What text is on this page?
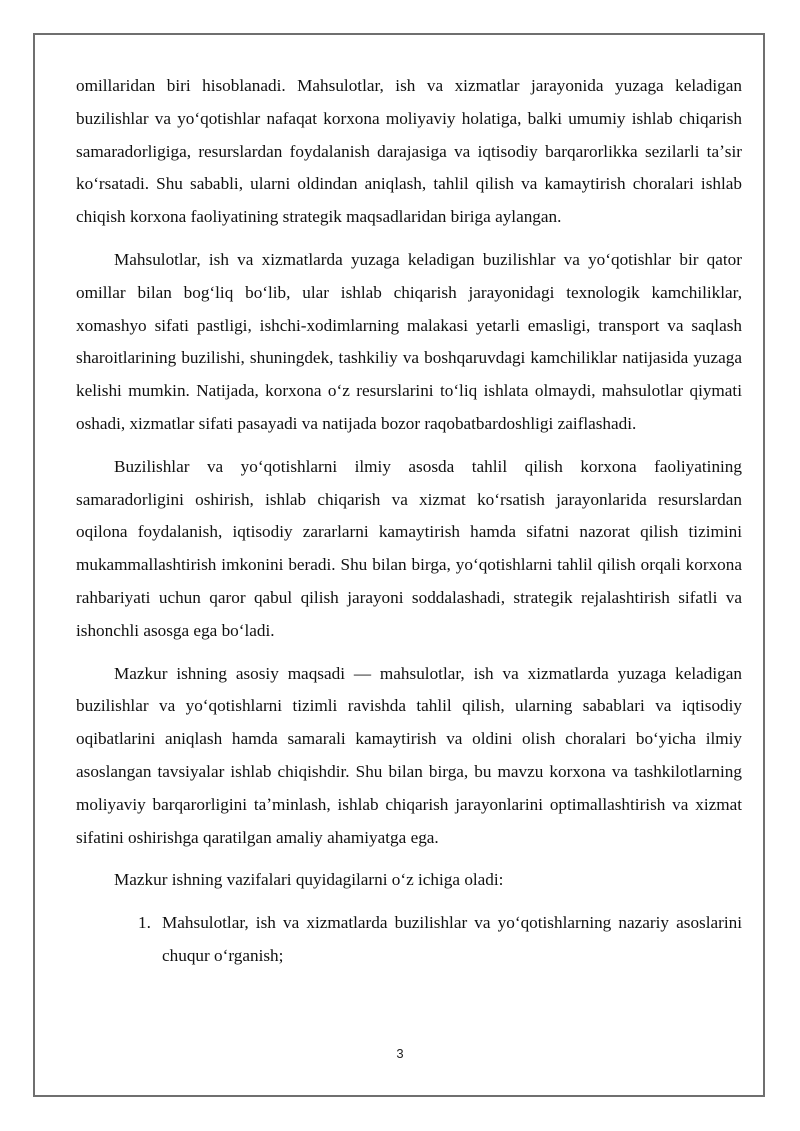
omillaridan biri hisoblanadi. Mahsulotlar, ish va xizmatlar jarayonida yuzaga keladigan buzilishlar va yoʻqotishlar nafaqat korxona moliyaviy holatiga, balki umumiy ishlab chiqarish samaradorligiga, resurslardan foydalanish darajasiga va iqtisodiy barqarorlikka sezilarli taʼsir koʻrsatadi. Shu sababli, ularni oldindan aniqlash, tahlil qilish va kamaytirish choralari ishlab chiqish korxona faoliyatining strategik maqsadlaridan biriga aylangan.

Mahsulotlar, ish va xizmatlarda yuzaga keladigan buzilishlar va yoʻqotishlar bir qator omillar bilan bogʻliq boʻlib, ular ishlab chiqarish jarayonidagi texnologik kamchiliklar, xomashyo sifati pastligi, ishchi-xodimlarning malakasi yetarli emasligi, transport va saqlash sharoitlarining buzilishi, shuningdek, tashkiliy va boshqaruvdagi kamchiliklar natijasida yuzaga kelishi mumkin. Natijada, korxona oʻz resurslarini toʻliq ishlata olmaydi, mahsulotlar qiymati oshadi, xizmatlar sifati pasayadi va natijada bozor raqobatbardoshligi zaiflashadi.

Buzilishlar va yoʻqotishlarni ilmiy asosda tahlil qilish korxona faoliyatining samaradorligini oshirish, ishlab chiqarish va xizmat koʻrsatish jarayonlarida resurslardan oqilona foydalanish, iqtisodiy zararlarni kamaytirish hamda sifatni nazorat qilish tizimini mukammallashtirish imkonini beradi. Shu bilan birga, yoʻqotishlarni tahlil qilish orqali korxona rahbariyati uchun qaror qabul qilish jarayoni soddalashadi, strategik rejalashtirish sifatli va ishonchli asosga ega boʻladi.

Mazkur ishning asosiy maqsadi — mahsulotlar, ish va xizmatlarda yuzaga keladigan buzilishlar va yoʻqotishlarni tizimli ravishda tahlil qilish, ularning sabablari va iqtisodiy oqibatlarini aniqlash hamda samarali kamaytirish va oldini olish choralari boʻyicha ilmiy asoslangan tavsiyalar ishlab chiqishdir. Shu bilan birga, bu mavzu korxona va tashkilotlarning moliyaviy barqarorligini taʼminlash, ishlab chiqarish jarayonlarini optimallashtirish va xizmat sifatini oshirishga qaratilgan amaliy ahamiyatga ega.

Mazkur ishning vazifalari quyidagilarni oʻz ichiga oladi:

1. Mahsulotlar, ish va xizmatlarda buzilishlar va yoʻqotishlarning nazariy asoslarini chuqur oʻrganish;
3
